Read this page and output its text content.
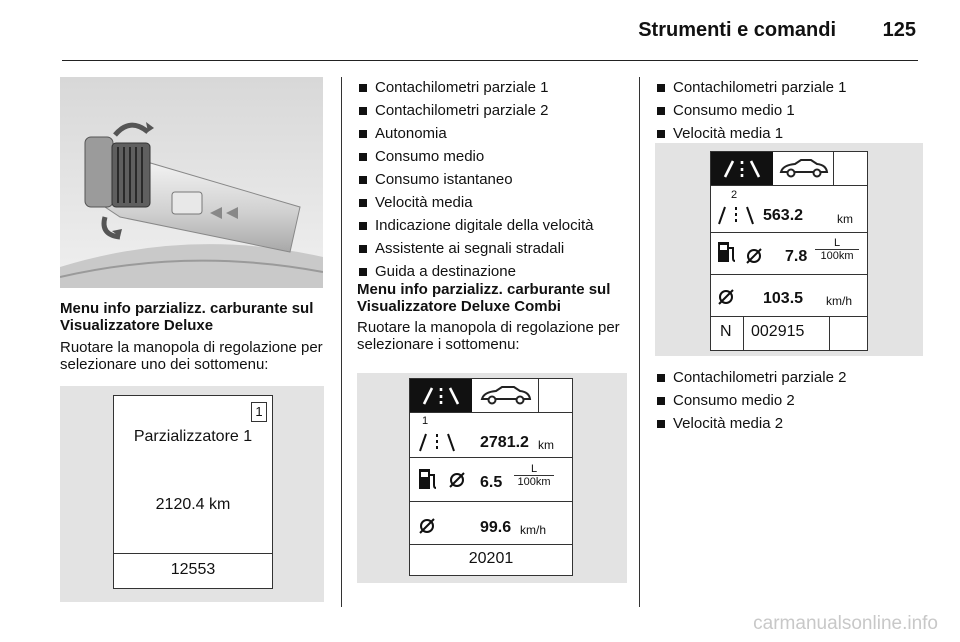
Strumenti e comandi 125

Menu info parzializz. carburante sul Visualizzatore Deluxe

Ruotare la manopola di regolazione per selezionare uno dei sottomenu:

1
Parzializzatore 1
2120.4 km
12553
Contachilometri parziale 1
Contachilometri parziale 2
Autonomia
Consumo medio
Consumo istantaneo
Velocità media
Indicazione digitale della velocità
Assistente ai segnali stradali
Guida a destinazione

Menu info parzializz. carburante sul Visualizzatore Deluxe Combi

Ruotare la manopola di regolazione per selezionare i sottomenu:

1
2781.2 km
$6.5 \frac{L}{100km}$
99.6 km/h
20201
Contachilometri parziale 1
Consumo medio 1
Velocità media 1
2
563.2	km
$7.8 \frac{L}{100km}$
103.5 km/h
N 002915
Contachilometri parziale 2
Consumo medio 2
Velocità media 2
carmanualsonline.info
